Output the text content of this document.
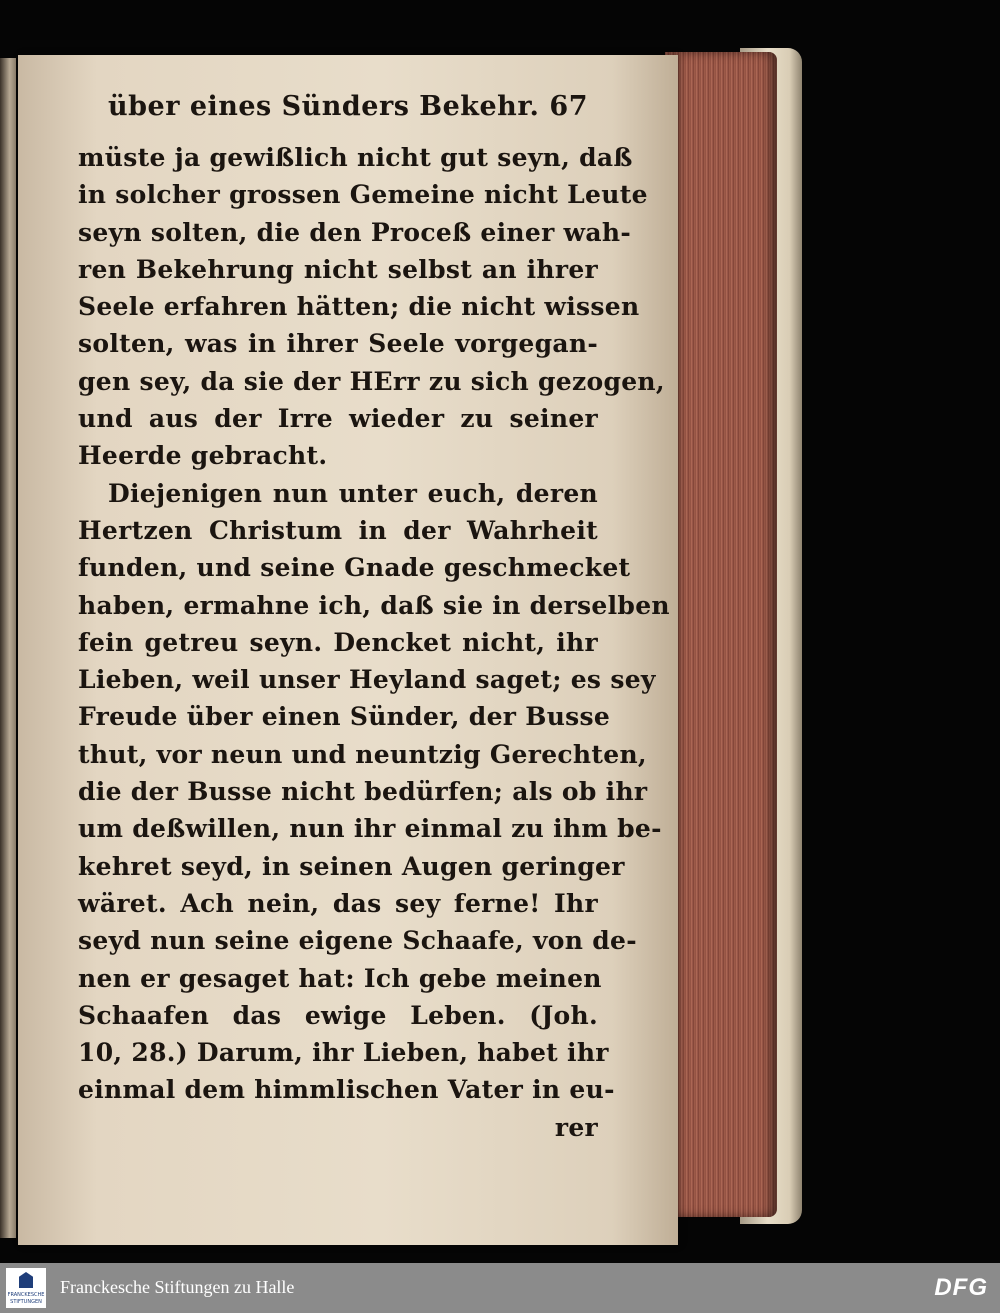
über eines Sünders Bekehr. 67
müste ja gewißlich nicht gut seyn, daß
in solcher grossen Gemeine nicht Leute
seyn solten, die den Proceß einer wah-
ren Bekehrung nicht selbst an ihrer
Seele erfahren hätten; die nicht wissen
solten, was in ihrer Seele vorgegan-
gen sey, da sie der HErr zu sich gezogen,
und aus der Irre wieder zu seiner
Heerde gebracht.
Diejenigen nun unter euch, deren
Hertzen Christum in der Wahrheit
funden, und seine Gnade geschmecket
haben, ermahne ich, daß sie in derselben
fein getreu seyn. Dencket nicht, ihr
Lieben, weil unser Heyland saget; es sey
Freude über einen Sünder, der Busse
thut, vor neun und neuntzig Gerechten,
die der Busse nicht bedürfen; als ob ihr
um deßwillen, nun ihr einmal zu ihm be-
kehret seyd, in seinen Augen geringer
wäret. Ach nein, das sey ferne! Ihr
seyd nun seine eigene Schaafe, von de-
nen er gesaget hat: Ich gebe meinen
Schaafen das ewige Leben. (Joh.
10, 28.) Darum, ihr Lieben, habet ihr
einmal dem himmlischen Vater in eu-
rer
FRANCKESCHE
STIFTUNGEN
Franckesche Stiftungen zu Halle	DFG
